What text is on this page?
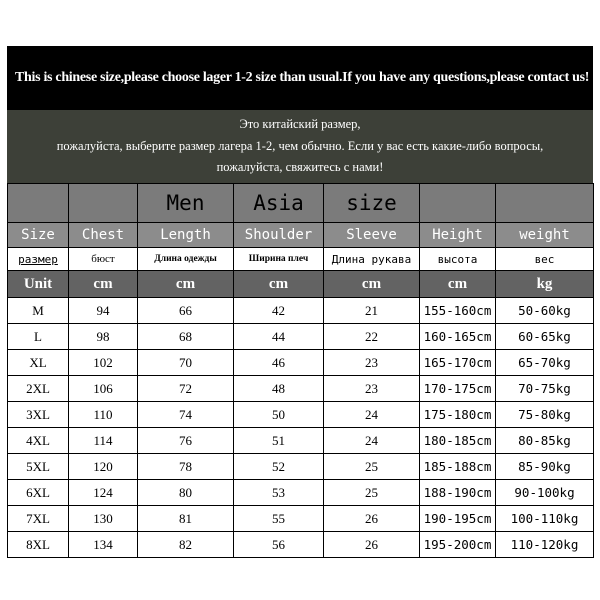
This is chinese size,please choose lager 1-2 size than usual.If you have any questions,please contact us!
Это китайский размер,
пожалуйста, выберите размер лагера 1-2, чем обычно. Если у вас есть какие-либо вопросы,
пожалуйста, свяжитесь с нами!
		Men	Asia	size		
Size	Chest	Length	Shoulder	Sleeve	Height	weight
размер	бюст	Длина одежды	Ширина плеч	Длина рукава	высота	вес
Unit	cm	cm	cm	cm	cm	kg
M	94	66	42	21	155-160cm	50-60kg
L	98	68	44	22	160-165cm	60-65kg
XL	102	70	46	23	165-170cm	65-70kg
2XL	106	72	48	23	170-175cm	70-75kg
3XL	110	74	50	24	175-180cm	75-80kg
4XL	114	76	51	24	180-185cm	80-85kg
5XL	120	78	52	25	185-188cm	85-90kg
6XL	124	80	53	25	188-190cm	90-100kg
7XL	130	81	55	26	190-195cm	100-110kg
8XL	134	82	56	26	195-200cm	110-120kg
